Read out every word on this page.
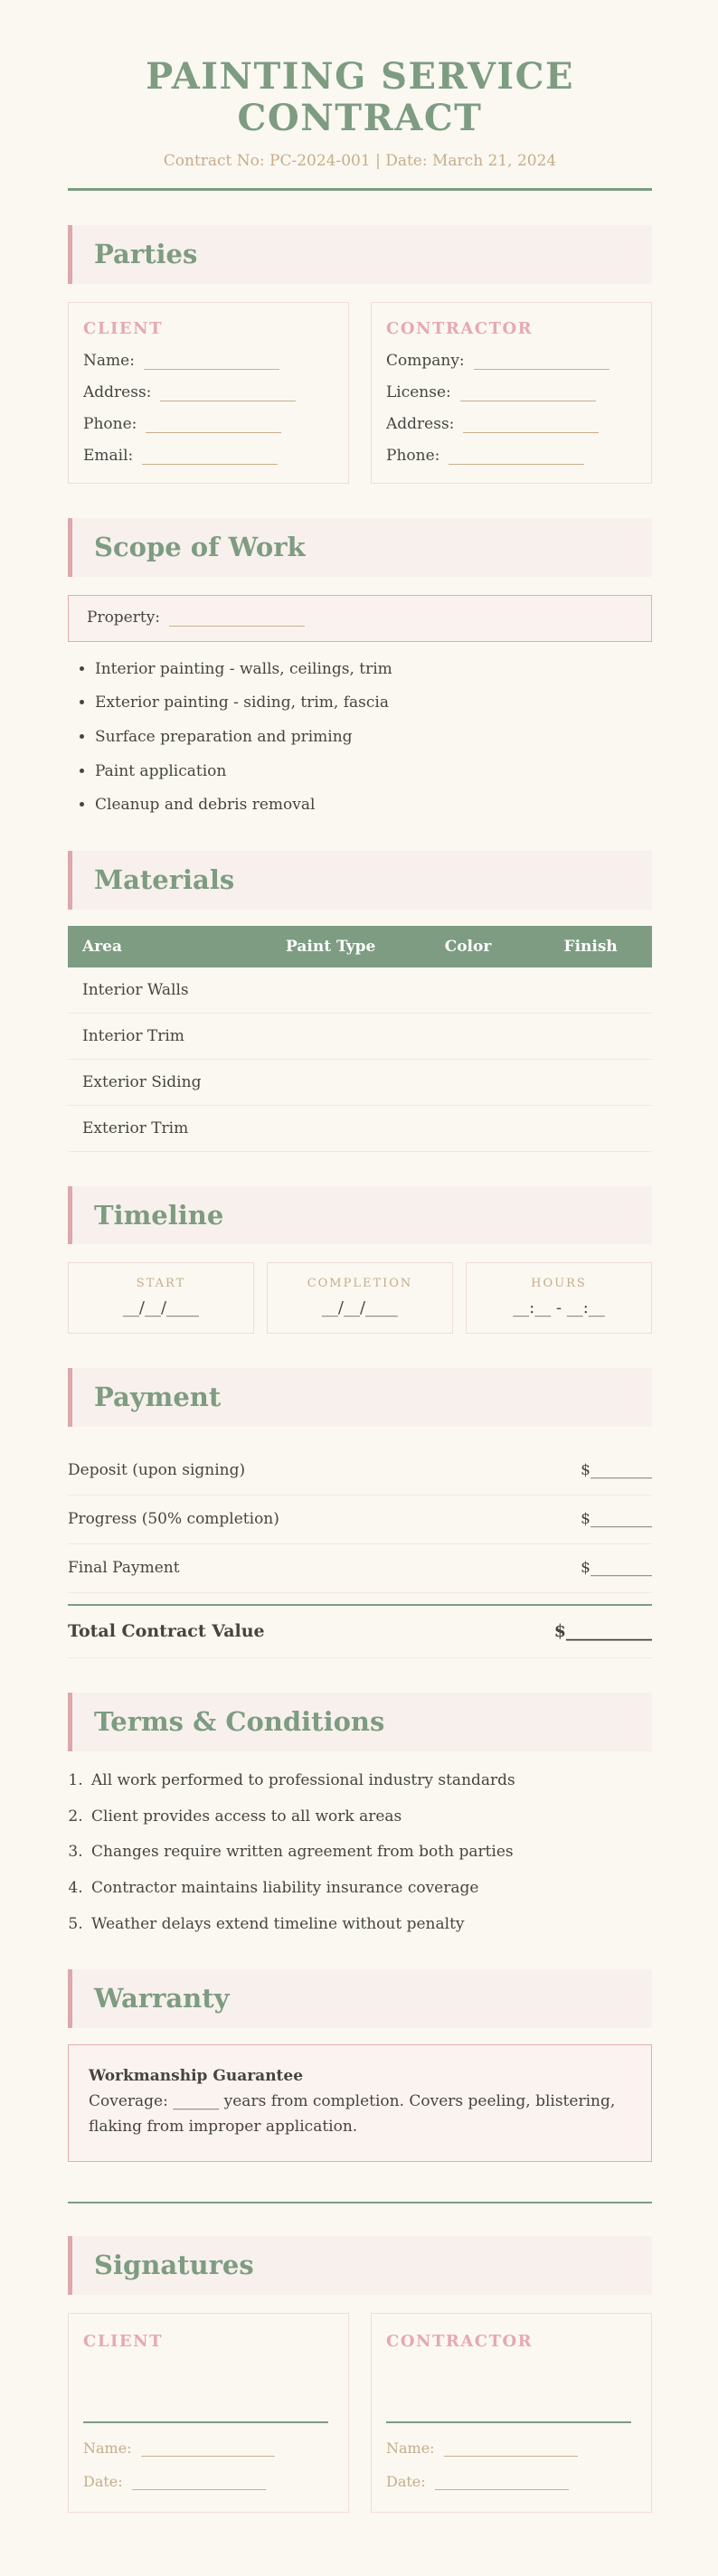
PAINTING SERVICE CONTRACT

Contract No: PC-2024-001 | Date: March 21, 2024

Parties
CLIENT
Name:
Address:
Phone:
Email:
CONTRACTOR
Company:
License:
Address:
Phone:
Scope of Work
Property:
• Interior painting - walls, ceilings, trim
• Exterior painting - siding, trim, fascia
• Surface preparation and priming
• Paint application
• Cleanup and debris removal
Materials
Area	Paint Type	Color	Finish
Interior Walls			
Interior Trim			
Exterior Siding			
Exterior Trim			
Timeline
START
__/__/____
COMPLETION
__/__/____
HOURS
__:__ - __:__
Payment
Deposit (upon signing)	$________
Progress (50% completion)	$________
Final Payment	$________
Total Contract Value	$__________
Terms & Conditions
1. All work performed to professional industry standards
2. Client provides access to all work areas
3. Changes require written agreement from both parties
4. Contractor maintains liability insurance coverage
5. Weather delays extend timeline without penalty
Warranty
Workmanship Guarantee
Coverage: ______ years from completion. Covers peeling, blistering, flaking from improper application.
Signatures
CLIENT
Name:
Date:
CONTRACTOR
Name:
Date:
